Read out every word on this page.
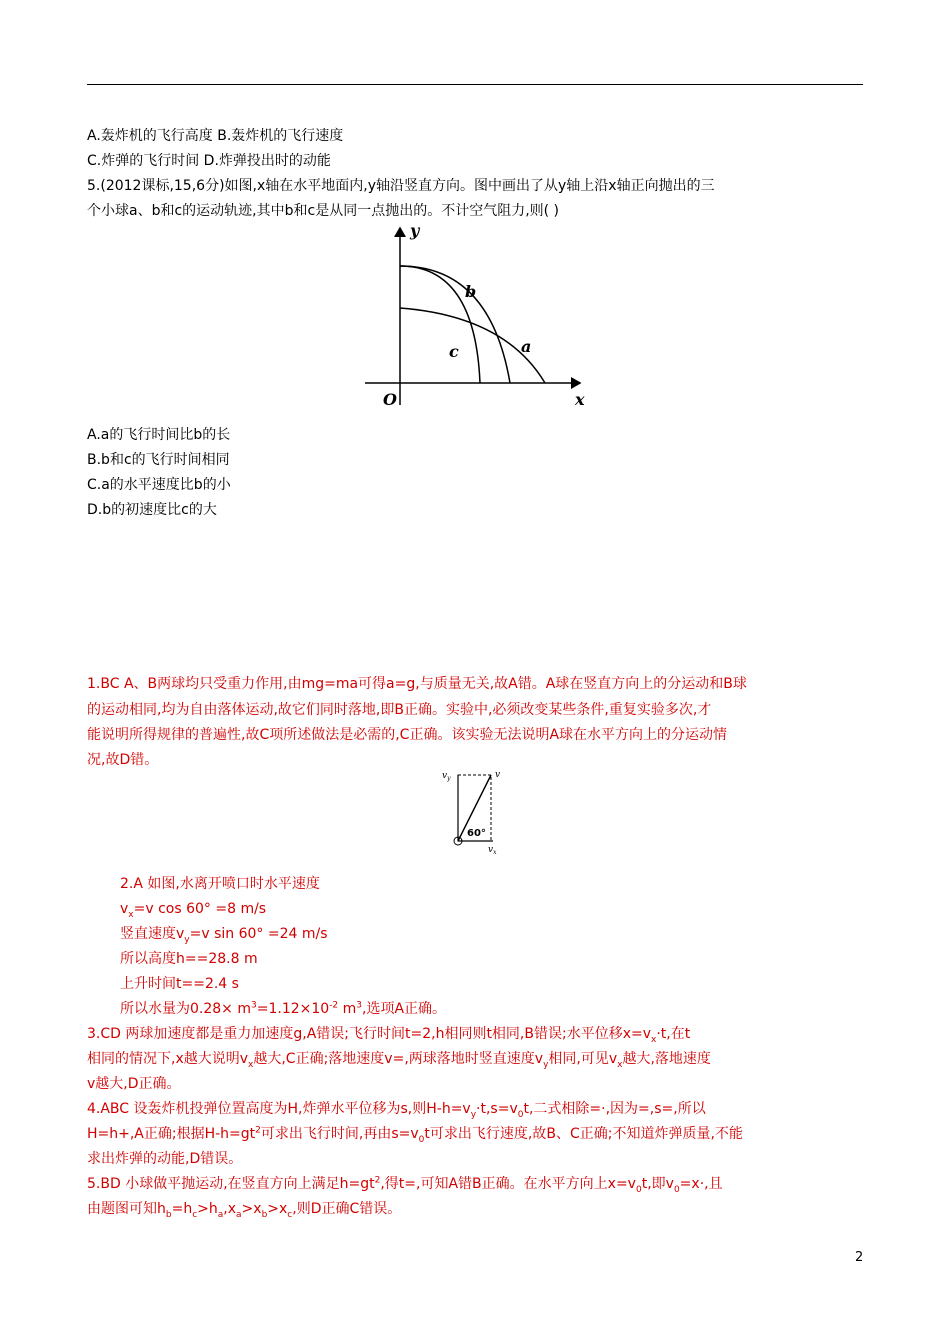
A.轰炸机的飞行高度 B.轰炸机的飞行速度
C.炸弹的飞行时间 D.炸弹投出时的动能
5.(2012课标,15,6分)如图,x轴在水平地面内,y轴沿竖直方向。图中画出了从y轴上沿x轴正向抛出的三
个小球a、b和c的运动轨迹,其中b和c是从同一点抛出的。不计空气阻力,则( )
y
x
O
b
c	a
A.a的飞行时间比b的长
B.b和c的飞行时间相同
C.a的水平速度比b的小
D.b的初速度比c的大
1.BC A、B两球均只受重力作用,由mg=ma可得a=g,与质量无关,故A错。A球在竖直方向上的分运动和B球
的运动相同,均为自由落体运动,故它们同时落地,即B正确。实验中,必须改变某些条件,重复实验多次,才
能说明所得规律的普遍性,故C项所述做法是必需的,C正确。该实验无法说明A球在水平方向上的分运动情
况,故D错。
$v_y$	v
$v_x$
60°
2.A 如图,水离开喷口时水平速度
$v_x=v$ cos 60° =8 m/s
竖直速度$v_y=v$ sin 60° =24 m/s
所以高度h==28.8 m
上升时间t==2.4 s
所以水量为$0.28\times m^3=1.12\times 10^{-2}$ $m^3$,选项A正确。
3.CD 两球加速度都是重力加速度g,A错误;飞行时间t=2,h相同则t相同,B错误;水平位移$x=v_x\cdot t$,在t
相同的情况下,x越大说明$v_x$越大,C正确;落地速度v=,两球落地时竖直速度$v_y$相同,可见$v_x$越大,落地速度
v越大,D正确。
4.ABC 设轰炸机投弹位置高度为H,炸弹水平位移为s,则$H-h=v_y\cdot t,s=v_0t$,二式相除=·,因为=,s=,所以
H=h+,A正确;根据$H-h=gt^2$可求出飞行时间,再由$s=v_0t$可求出飞行速度,故B、C正确;不知道炸弹质量,不能
求出炸弹的动能,D错误。
5.BD 小球做平抛运动,在竖直方向上满足$h=gt^2$,得t=,可知A错B正确。在水平方向上$x=v_0t$,即$v_0=x\cdot$,且
由题图可知$h_b=h_c>h_a,x_a>x_b>x_c$,则D正确C错误。
2
